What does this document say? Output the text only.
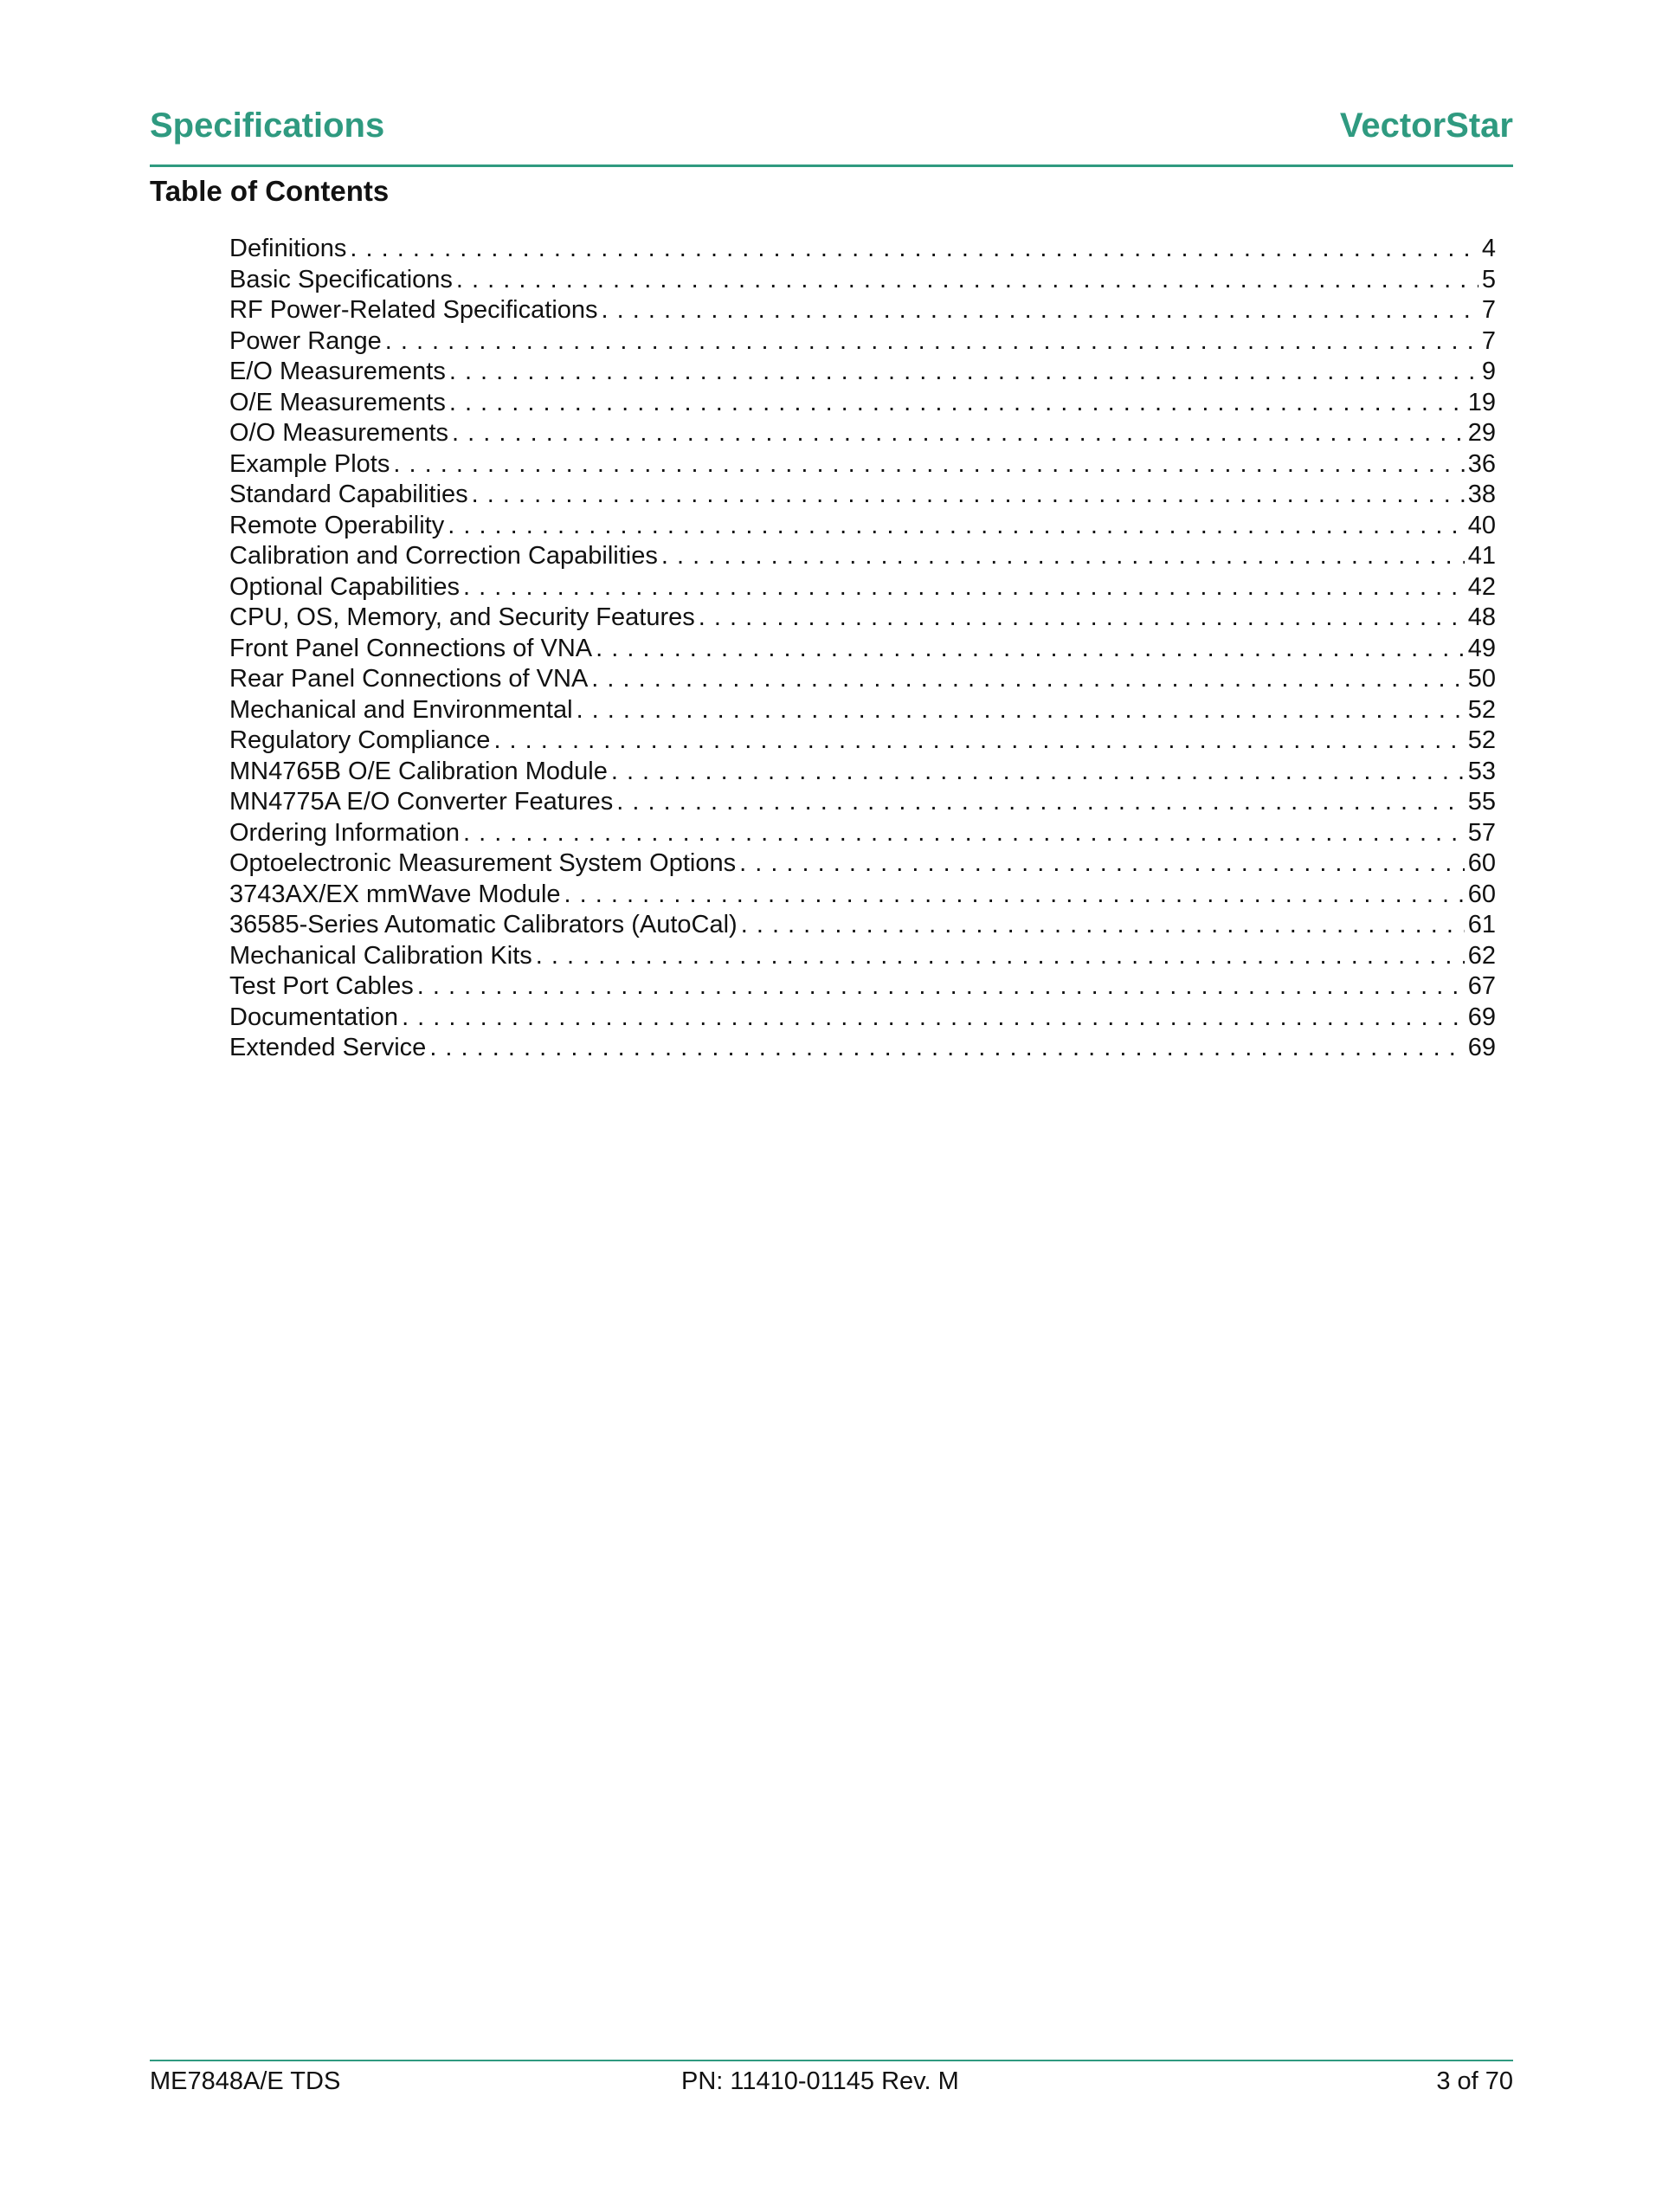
Specifications	VectorStar
Table of Contents
Definitions . . .	4
Basic Specifications . . .	5
RF Power-Related Specifications . . .	7
Power Range . . .	7
E/O Measurements . . .	9
O/E Measurements . . .	19
O/O Measurements . . .	29
Example Plots . . .	36
Standard Capabilities . . .	38
Remote Operability . . .	40
Calibration and Correction Capabilities . . .	41
Optional Capabilities . . .	42
CPU, OS, Memory, and Security Features . . .	48
Front Panel Connections of VNA . . .	49
Rear Panel Connections of VNA . . .	50
Mechanical and Environmental . . .	52
Regulatory Compliance . . .	52
MN4765B O/E Calibration Module . . .	53
MN4775A E/O Converter Features . . .	55
Ordering Information . . .	57
Optoelectronic Measurement System Options . . .	60
3743AX/EX mmWave Module . . .	60
36585-Series Automatic Calibrators (AutoCal) . . .	61
Mechanical Calibration Kits . . .	62
Test Port Cables . . .	67
Documentation . . .	69
Extended Service . . .	69
ME7848A/E TDS	PN: 11410-01145 Rev. M	3 of 70
